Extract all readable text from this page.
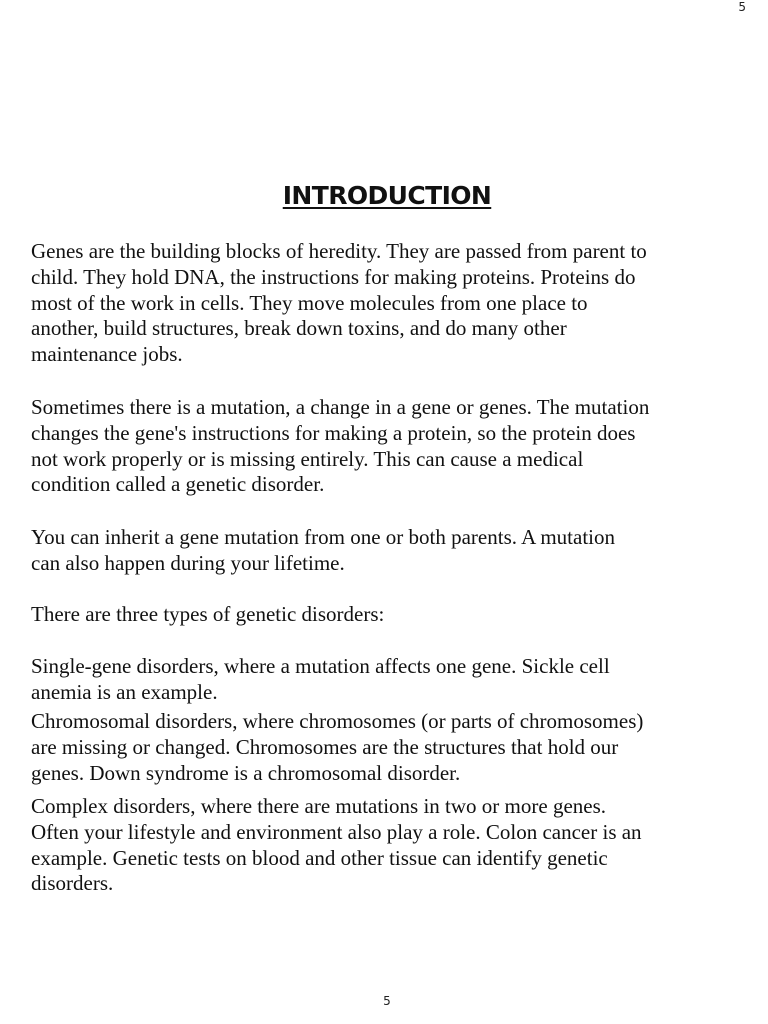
5
INTRODUCTION

Genes are the building blocks of heredity. They are passed from parent to
child. They hold DNA, the instructions for making proteins. Proteins do
most of the work in cells. They move molecules from one place to
another, build structures, break down toxins, and do many other
maintenance jobs.

Sometimes there is a mutation, a change in a gene or genes. The mutation
changes the gene's instructions for making a protein, so the protein does
not work properly or is missing entirely. This can cause a medical
condition called a genetic disorder.

You can inherit a gene mutation from one or both parents. A mutation
can also happen during your lifetime.

There are three types of genetic disorders:

Single-gene disorders, where a mutation affects one gene. Sickle cell
anemia is an example.

Chromosomal disorders, where chromosomes (or parts of chromosomes)
are missing or changed. Chromosomes are the structures that hold our
genes. Down syndrome is a chromosomal disorder.

Complex disorders, where there are mutations in two or more genes.
Often your lifestyle and environment also play a role. Colon cancer is an
example. Genetic tests on blood and other tissue can identify genetic
disorders.

5
